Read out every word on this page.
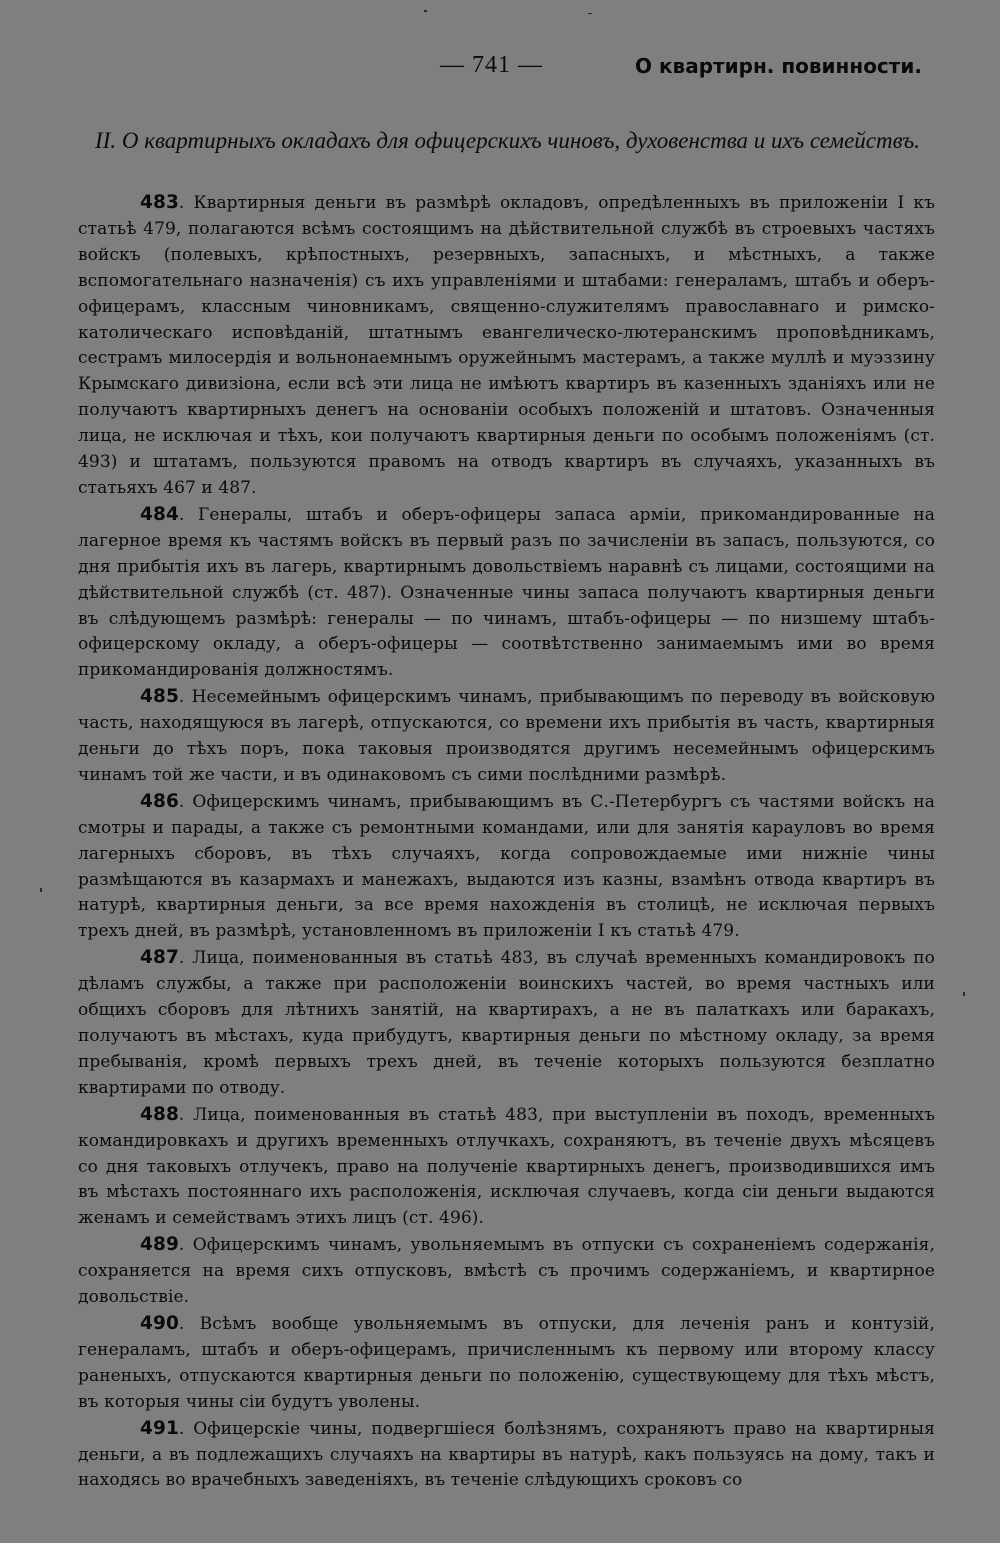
— 741 —	О квартирн. повинности.
II. О квартирныхъ окладахъ для офицерскихъ чиновъ, духовенства и ихъ семействъ.

483. Квартирныя деньги въ размѣрѣ окладовъ, опредѣленныхъ въ приложеніи I къ статьѣ 479, полагаются всѣмъ состоящимъ на дѣйствительной службѣ въ строевыхъ частяхъ войскъ (полевыхъ, крѣпостныхъ, резервныхъ, запасныхъ, и мѣстныхъ, а также вспомогательнаго назначенія) съ ихъ управленіями и штабами: генераламъ, штабъ и оберъ-офицерамъ, классным чиновникамъ, священно-служителямъ православнаго и римско-католическаго исповѣданій, штатнымъ евангелическо-лютеранскимъ проповѣдникамъ, сестрамъ милосердія и вольнонаемнымъ оружейнымъ мастерамъ, а также муллѣ и муэззину Крымскаго дивизіона, если всѣ эти лица не имѣютъ квартиръ въ казенныхъ зданіяхъ или не получаютъ квартирныхъ денегъ на основаніи особыхъ положеній и штатовъ. Означенныя лица, не исключая и тѣхъ, кои получаютъ квартирныя деньги по особымъ положеніямъ (ст. 493) и штатамъ, пользуются правомъ на отводъ квартиръ въ случаяхъ, указанныхъ въ статьяхъ 467 и 487.

484. Генералы, штабъ и оберъ-офицеры запаса арміи, прикомандированные на лагерное время къ частямъ войскъ въ первый разъ по зачисленіи въ запасъ, пользуются, со дня прибытія ихъ въ лагерь, квартирнымъ довольствіемъ наравнѣ съ лицами, состоящими на дѣйствительной службѣ (ст. 487). Означенные чины запаса получаютъ квартирныя деньги въ слѣдующемъ размѣрѣ: генералы — по чинамъ, штабъ-офицеры — по низшему штабъ-офицерскому окладу, а оберъ-офицеры — соотвѣтственно занимаемымъ ими во время прикомандированія должностямъ.

485. Несемейнымъ офицерскимъ чинамъ, прибывающимъ по переводу въ войсковую часть, находящуюся въ лагерѣ, отпускаются, со времени ихъ прибытія въ часть, квартирныя деньги до тѣхъ поръ, пока таковыя производятся другимъ несемейнымъ офицерскимъ чинамъ той же части, и въ одинаковомъ съ сими послѣдними размѣрѣ.

486. Офицерскимъ чинамъ, прибывающимъ въ С.-Петербургъ съ частями войскъ на смотры и парады, а также съ ремонтными командами, или для занятія карауловъ во время лагерныхъ сборовъ, въ тѣхъ случаяхъ, когда сопровождаемые ими нижніе чины размѣщаются въ казармахъ и манежахъ, выдаются изъ казны, взамѣнъ отвода квартиръ въ натурѣ, квартирныя деньги, за все время нахожденія въ столицѣ, не исключая первыхъ трехъ дней, въ размѣрѣ, установленномъ въ приложеніи I къ статьѣ 479.

487. Лица, поименованныя въ статьѣ 483, въ случаѣ временныхъ командировокъ по дѣламъ службы, а также при расположеніи воинскихъ частей, во время частныхъ или общихъ сборовъ для лѣтнихъ занятій, на квартирахъ, а не въ палаткахъ или баракахъ, получаютъ въ мѣстахъ, куда прибудутъ, квартирныя деньги по мѣстному окладу, за время пребыванія, кромѣ первыхъ трехъ дней, въ теченіе которыхъ пользуются безплатно квартирами по отводу.

488. Лица, поименованныя въ статьѣ 483, при выступленіи въ походъ, временныхъ командировкахъ и другихъ временныхъ отлучкахъ, сохраняютъ, въ теченіе двухъ мѣсяцевъ со дня таковыхъ отлучекъ, право на полученіе квартирныхъ денегъ, производившихся имъ въ мѣстахъ постояннаго ихъ расположенія, исключая случаевъ, когда сіи деньги выдаются женамъ и семействамъ этихъ лицъ (ст. 496).

489. Офицерскимъ чинамъ, увольняемымъ въ отпуски съ сохраненіемъ содержанія, сохраняется на время сихъ отпусковъ, вмѣстѣ съ прочимъ содержаніемъ, и квартирное довольствіе.

490. Всѣмъ вообще увольняемымъ въ отпуски, для леченія ранъ и контузій, генераламъ, штабъ и оберъ-офицерамъ, причисленнымъ къ первому или второму классу раненыхъ, отпускаются квартирныя деньги по положенію, существующему для тѣхъ мѣстъ, въ которыя чины сіи будутъ уволены.

491. Офицерскіе чины, подвергшіеся болѣзнямъ, сохраняютъ право на квартирныя деньги, а въ подлежащихъ случаяхъ на квартиры въ натурѣ, какъ пользуясь на дому, такъ и находясь во врачебныхъ заведеніяхъ, въ теченіе слѣдующихъ сроковъ со
